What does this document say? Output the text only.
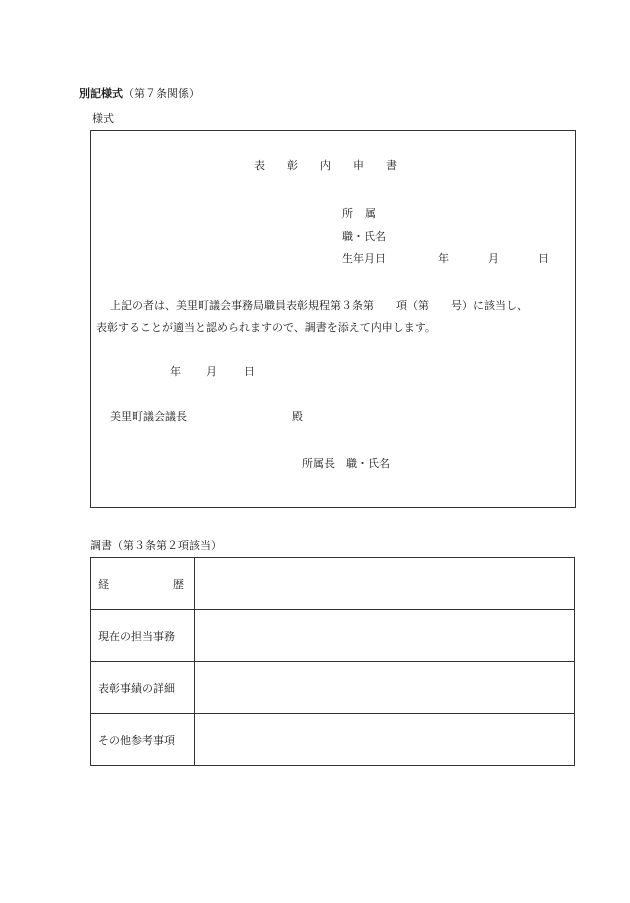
別記様式（第７条関係）
様式
表彰内申書
所属
職・氏名
生年月日	年	月	日
上記の者は、美里町議会事務局職員表彰規程第３条第　　項（第　　号）に該当し、
表彰することが適当と認められますので、調書を添えて内申します。
年 月 日
美里町議会議長	殿
所属長　職・氏名
調書（第３条第２項該当）
経 歴	

現在の担当事務	
表彰事績の詳細	
その他参考事項	
